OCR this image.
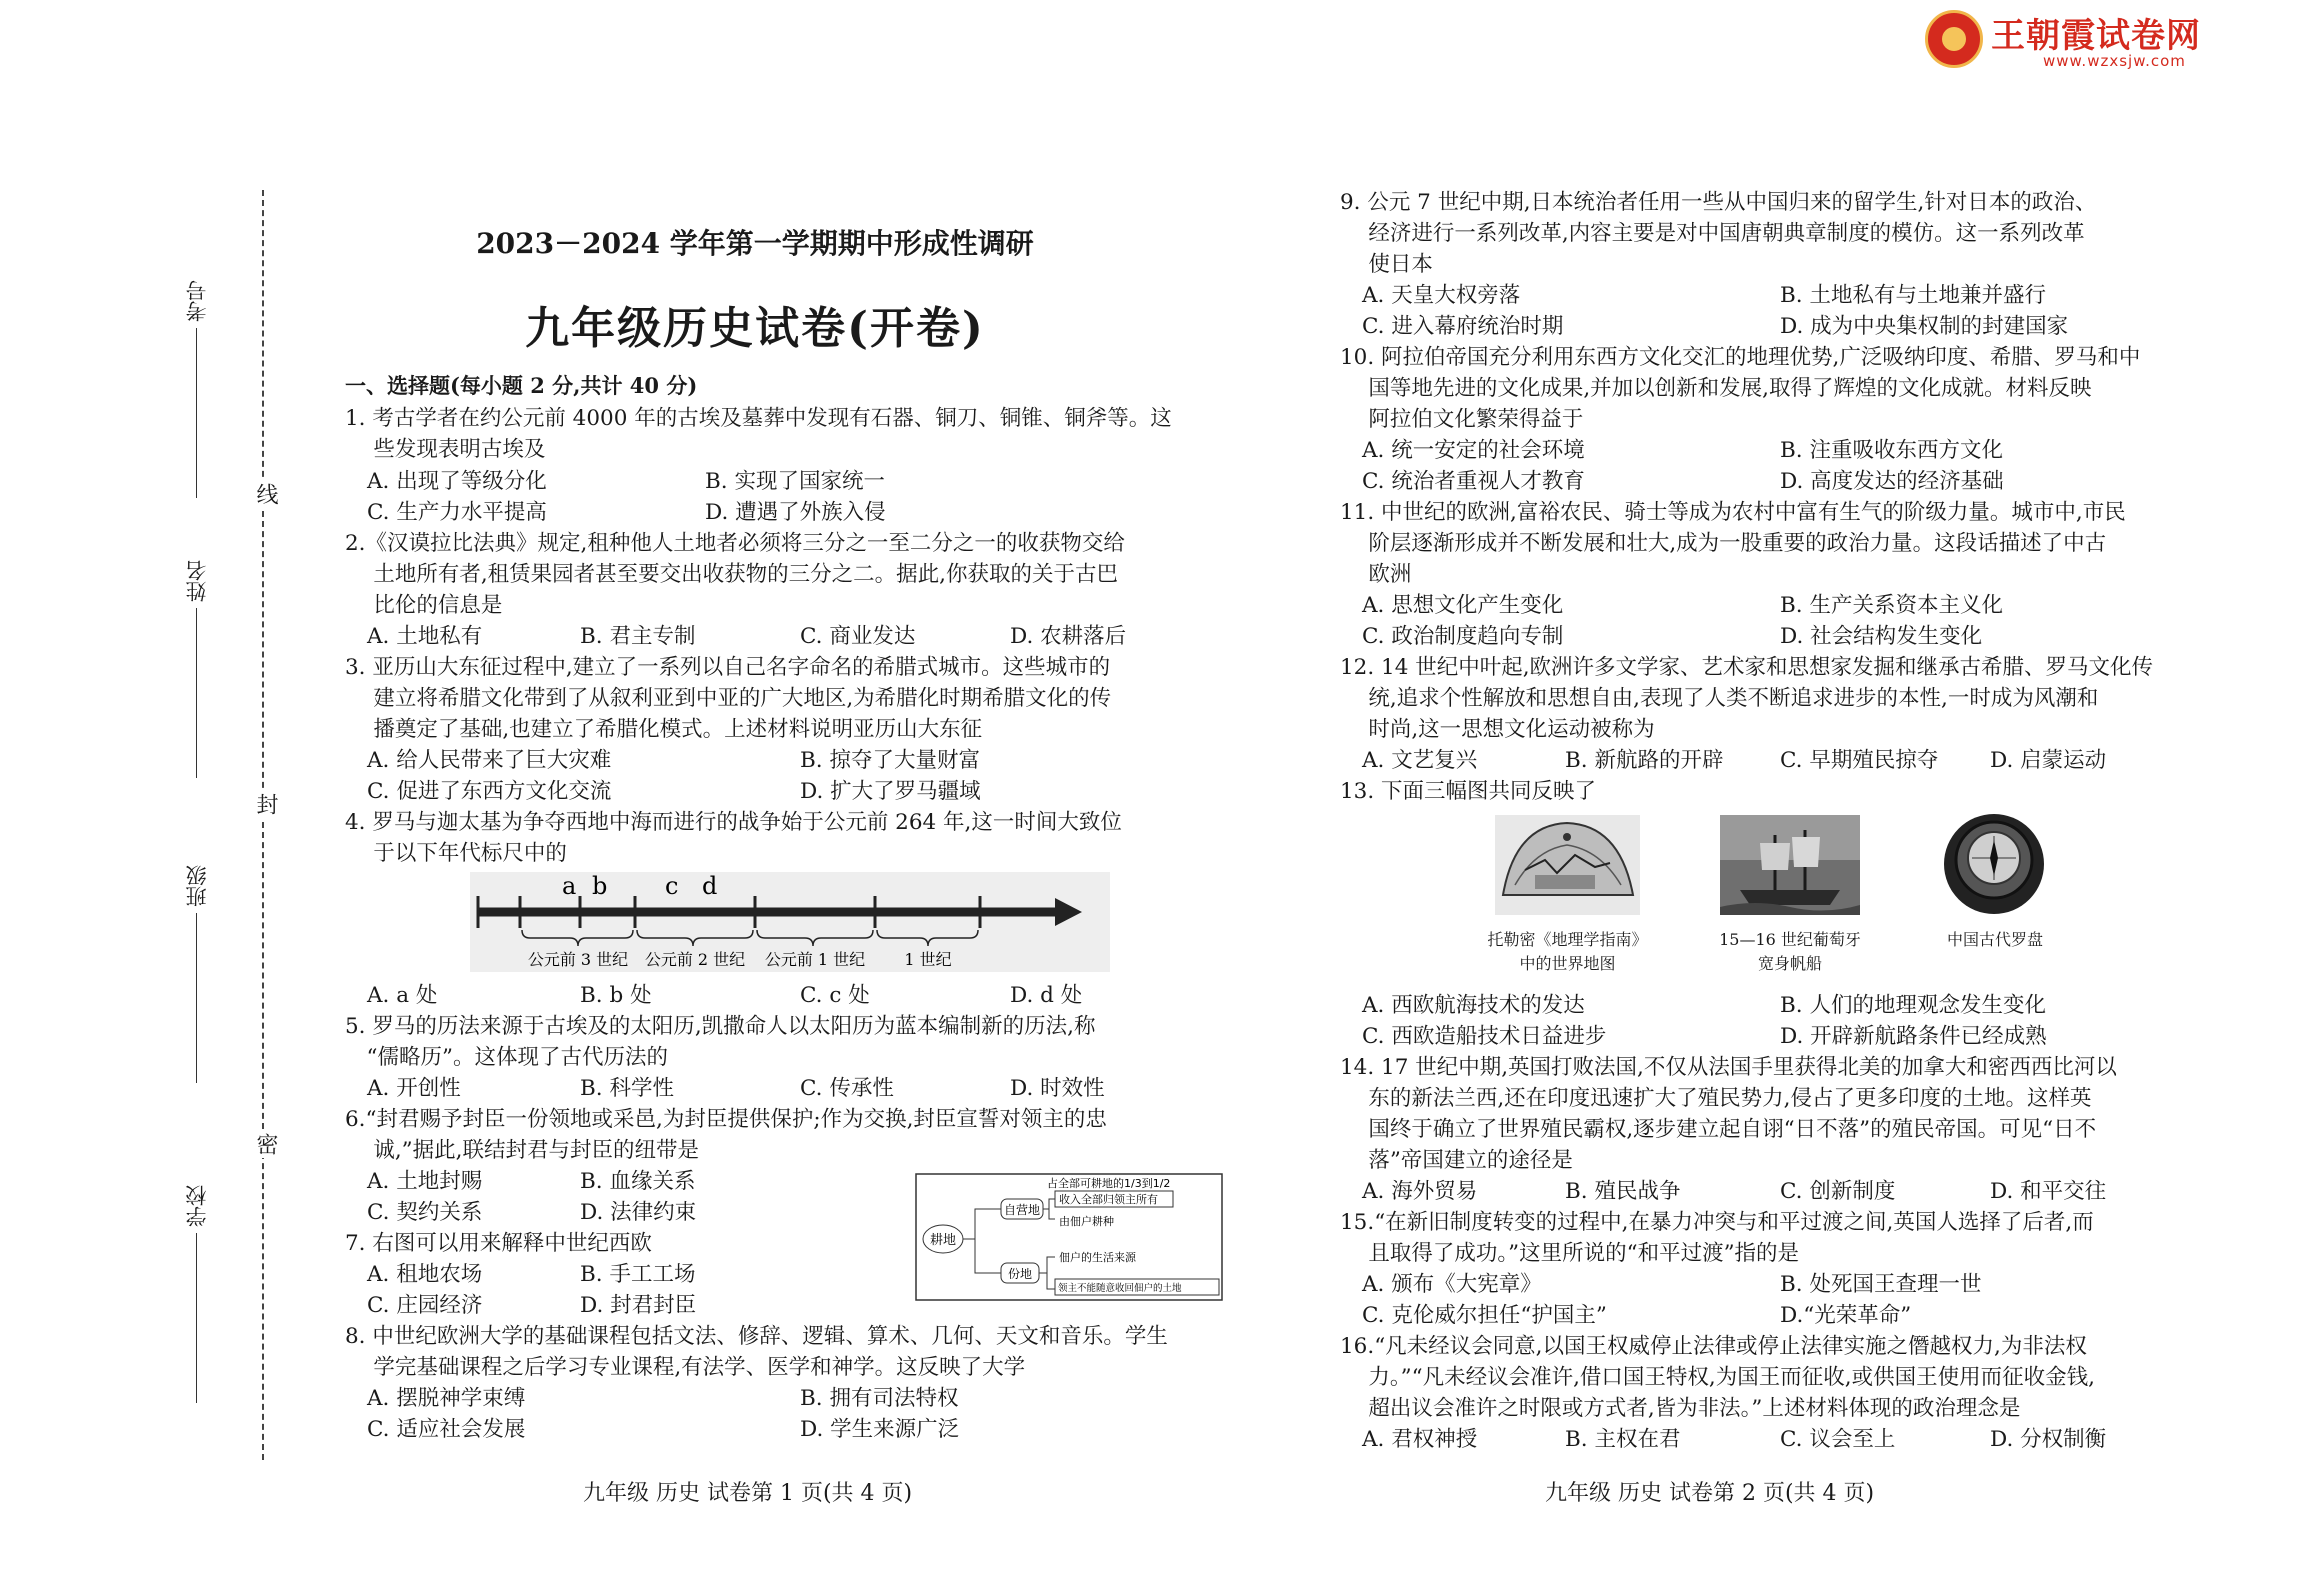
王朝霞试卷网
www.wzxsjw.com
线
封
密
考号
姓名
班级
学校
2023－2024 学年第一学期期中形成性调研
九年级历史试卷(开卷)
一、选择题(每小题 2 分,共计 40 分)
1. 考古学者在约公元前 4000 年的古埃及墓葬中发现有石器、铜刀、铜锥、铜斧等。这
　 些发现表明古埃及
A. 出现了等级分化	B. 实现了国家统一
C. 生产力水平提高	D. 遭遇了外族入侵
2.《汉谟拉比法典》规定,租种他人土地者必须将三分之一至二分之一的收获物交给
　 土地所有者,租赁果园者甚至要交出收获物的三分之二。据此,你获取的关于古巴
　 比伦的信息是
A. 土地私有	B. 君主专制	C. 商业发达	D. 农耕落后
3. 亚历山大东征过程中,建立了一系列以自己名字命名的希腊式城市。这些城市的
　 建立将希腊文化带到了从叙利亚到中亚的广大地区,为希腊化时期希腊文化的传
　 播奠定了基础,也建立了希腊化模式。上述材料说明亚历山大东征
A. 给人民带来了巨大灾难	B. 掠夺了大量财富
C. 促进了东西方文化交流	D. 扩大了罗马疆域
4. 罗马与迦太基为争夺西地中海而进行的战争始于公元前 264 年,这一时间大致位
　 于以下年代标尺中的
a b c d
公元前 3 世纪 公元前 2 世纪 公元前 1 世纪 1 世纪
A. a 处	B. b 处	C. c 处	D. d 处
5. 罗马的历法来源于古埃及的太阳历,凯撒命人以太阳历为蓝本编制新的历法,称
　“儒略历”。这体现了古代历法的
A. 开创性	B. 科学性	C. 传承性	D. 时效性
6.“封君赐予封臣一份领地或采邑,为封臣提供保护;作为交换,封臣宣誓对领主的忠
　 诚,”据此,联结封君与封臣的纽带是
A. 土地封赐	B. 血缘关系
C. 契约关系	D. 法律约束
耕地
自营地
份地
占全部可耕地的1/3到1/2
收入全部归领主所有
由佃户耕种
佃户的生活来源
领主不能随意收回佃户的土地
7. 右图可以用来解释中世纪西欧
A. 租地农场	B. 手工工场
C. 庄园经济	D. 封君封臣
8. 中世纪欧洲大学的基础课程包括文法、修辞、逻辑、算术、几何、天文和音乐。学生
　 学完基础课程之后学习专业课程,有法学、医学和神学。这反映了大学
A. 摆脱神学束缚	B. 拥有司法特权
C. 适应社会发展	D. 学生来源广泛
九年级 历史 试卷第 1 页(共 4 页)
9. 公元 7 世纪中期,日本统治者任用一些从中国归来的留学生,针对日本的政治、
　 经济进行一系列改革,内容主要是对中国唐朝典章制度的模仿。这一系列改革
　 使日本
A. 天皇大权旁落	B. 土地私有与土地兼并盛行
C. 进入幕府统治时期	D. 成为中央集权制的封建国家
10. 阿拉伯帝国充分利用东西方文化交汇的地理优势,广泛吸纳印度、希腊、罗马和中
　 国等地先进的文化成果,并加以创新和发展,取得了辉煌的文化成就。材料反映
　 阿拉伯文化繁荣得益于
A. 统一安定的社会环境	B. 注重吸收东西方文化
C. 统治者重视人才教育	D. 高度发达的经济基础
11. 中世纪的欧洲,富裕农民、骑士等成为农村中富有生气的阶级力量。城市中,市民
　 阶层逐渐形成并不断发展和壮大,成为一股重要的政治力量。这段话描述了中古
　 欧洲
A. 思想文化产生变化	B. 生产关系资本主义化
C. 政治制度趋向专制	D. 社会结构发生变化
12. 14 世纪中叶起,欧洲许多文学家、艺术家和思想家发掘和继承古希腊、罗马文化传
　 统,追求个性解放和思想自由,表现了人类不断追求进步的本性,一时成为风潮和
　 时尚,这一思想文化运动被称为
A. 文艺复兴	B. 新航路的开辟	C. 早期殖民掠夺 D. 启蒙运动
13. 下面三幅图共同反映了
托勒密《地理学指南》
中的世界地图
15—16 世纪葡萄牙
宽身帆船
中国古代罗盘
A. 西欧航海技术的发达	B. 人们的地理观念发生变化
C. 西欧造船技术日益进步	D. 开辟新航路条件已经成熟
14. 17 世纪中期,英国打败法国,不仅从法国手里获得北美的加拿大和密西西比河以
　 东的新法兰西,还在印度迅速扩大了殖民势力,侵占了更多印度的土地。这样英
　 国终于确立了世界殖民霸权,逐步建立起自诩“日不落”的殖民帝国。可见“日不
　 落”帝国建立的途径是
A. 海外贸易	B. 殖民战争	C. 创新制度	D. 和平交往
15.“在新旧制度转变的过程中,在暴力冲突与和平过渡之间,英国人选择了后者,而
　 且取得了成功。”这里所说的“和平过渡”指的是
A. 颁布《大宪章》	B. 处死国王查理一世
C. 克伦威尔担任“护国主”	D.“光荣革命”
16.“凡未经议会同意,以国王权威停止法律或停止法律实施之僭越权力,为非法权
　 力。”“凡未经议会准许,借口国王特权,为国王而征收,或供国王使用而征收金钱,
　 超出议会准许之时限或方式者,皆为非法。”上述材料体现的政治理念是
A. 君权神授	B. 主权在君	C. 议会至上	D. 分权制衡
九年级 历史 试卷第 2 页(共 4 页)
